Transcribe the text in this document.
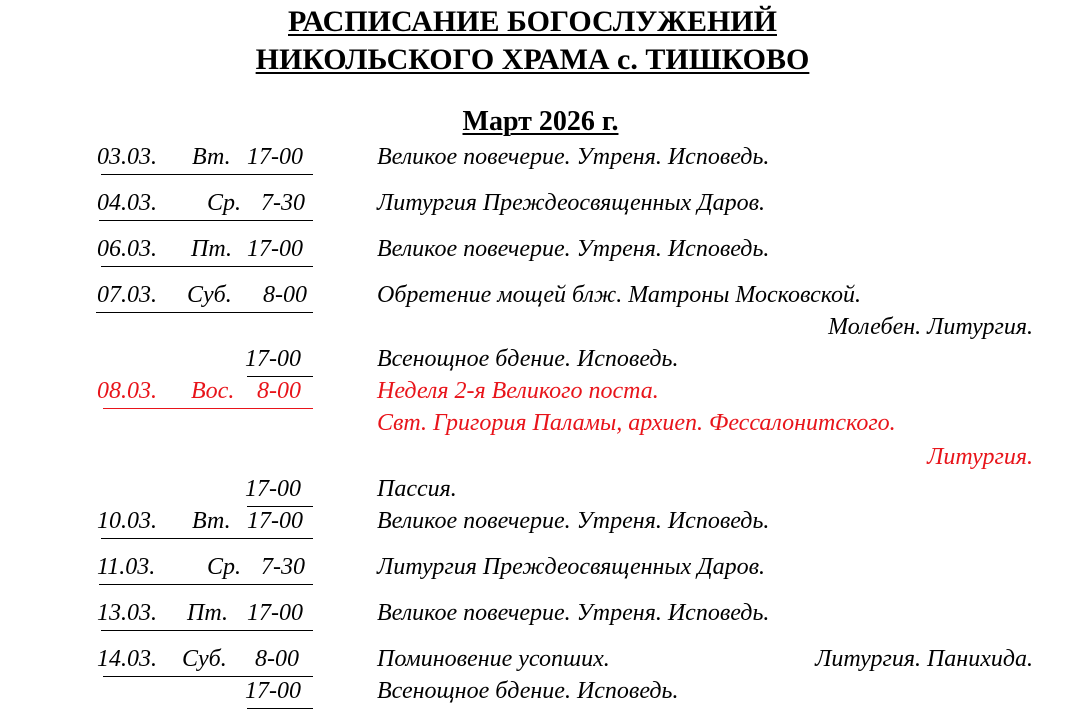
РАСПИСАНИЕ БОГОСЛУЖЕНИЙ
НИКОЛЬСКОГО ХРАМА с. ТИШКОВО
Март 2026 г.
03.03. Вт. 17-00	Великое повечерие. Утреня. Исповедь.
04.03. Ср. 7-30	Литургия Преждеосвященных Даров.
06.03. Пт. 17-00	Великое повечерие. Утреня. Исповедь.
07.03. Суб. 8-00	Обретение мощей блж. Матроны Московской.
Молебен. Литургия.
17-00	Всенощное бдение. Исповедь.
08.03. Вос. 8-00	Неделя 2-я Великого поста.
Свт. Григория Паламы, архиеп. Фессалонитского.
Литургия.
17-00	Пассия.
10.03. Вт. 17-00	Великое повечерие. Утреня. Исповедь.
11.03. Ср. 7-30	Литургия Преждеосвященных Даров.
13.03. Пт. 17-00	Великое повечерие. Утреня. Исповедь.
14.03. Суб. 8-00	Поминовение усопших.	Литургия. Панихида.
17-00	Всенощное бдение. Исповедь.
